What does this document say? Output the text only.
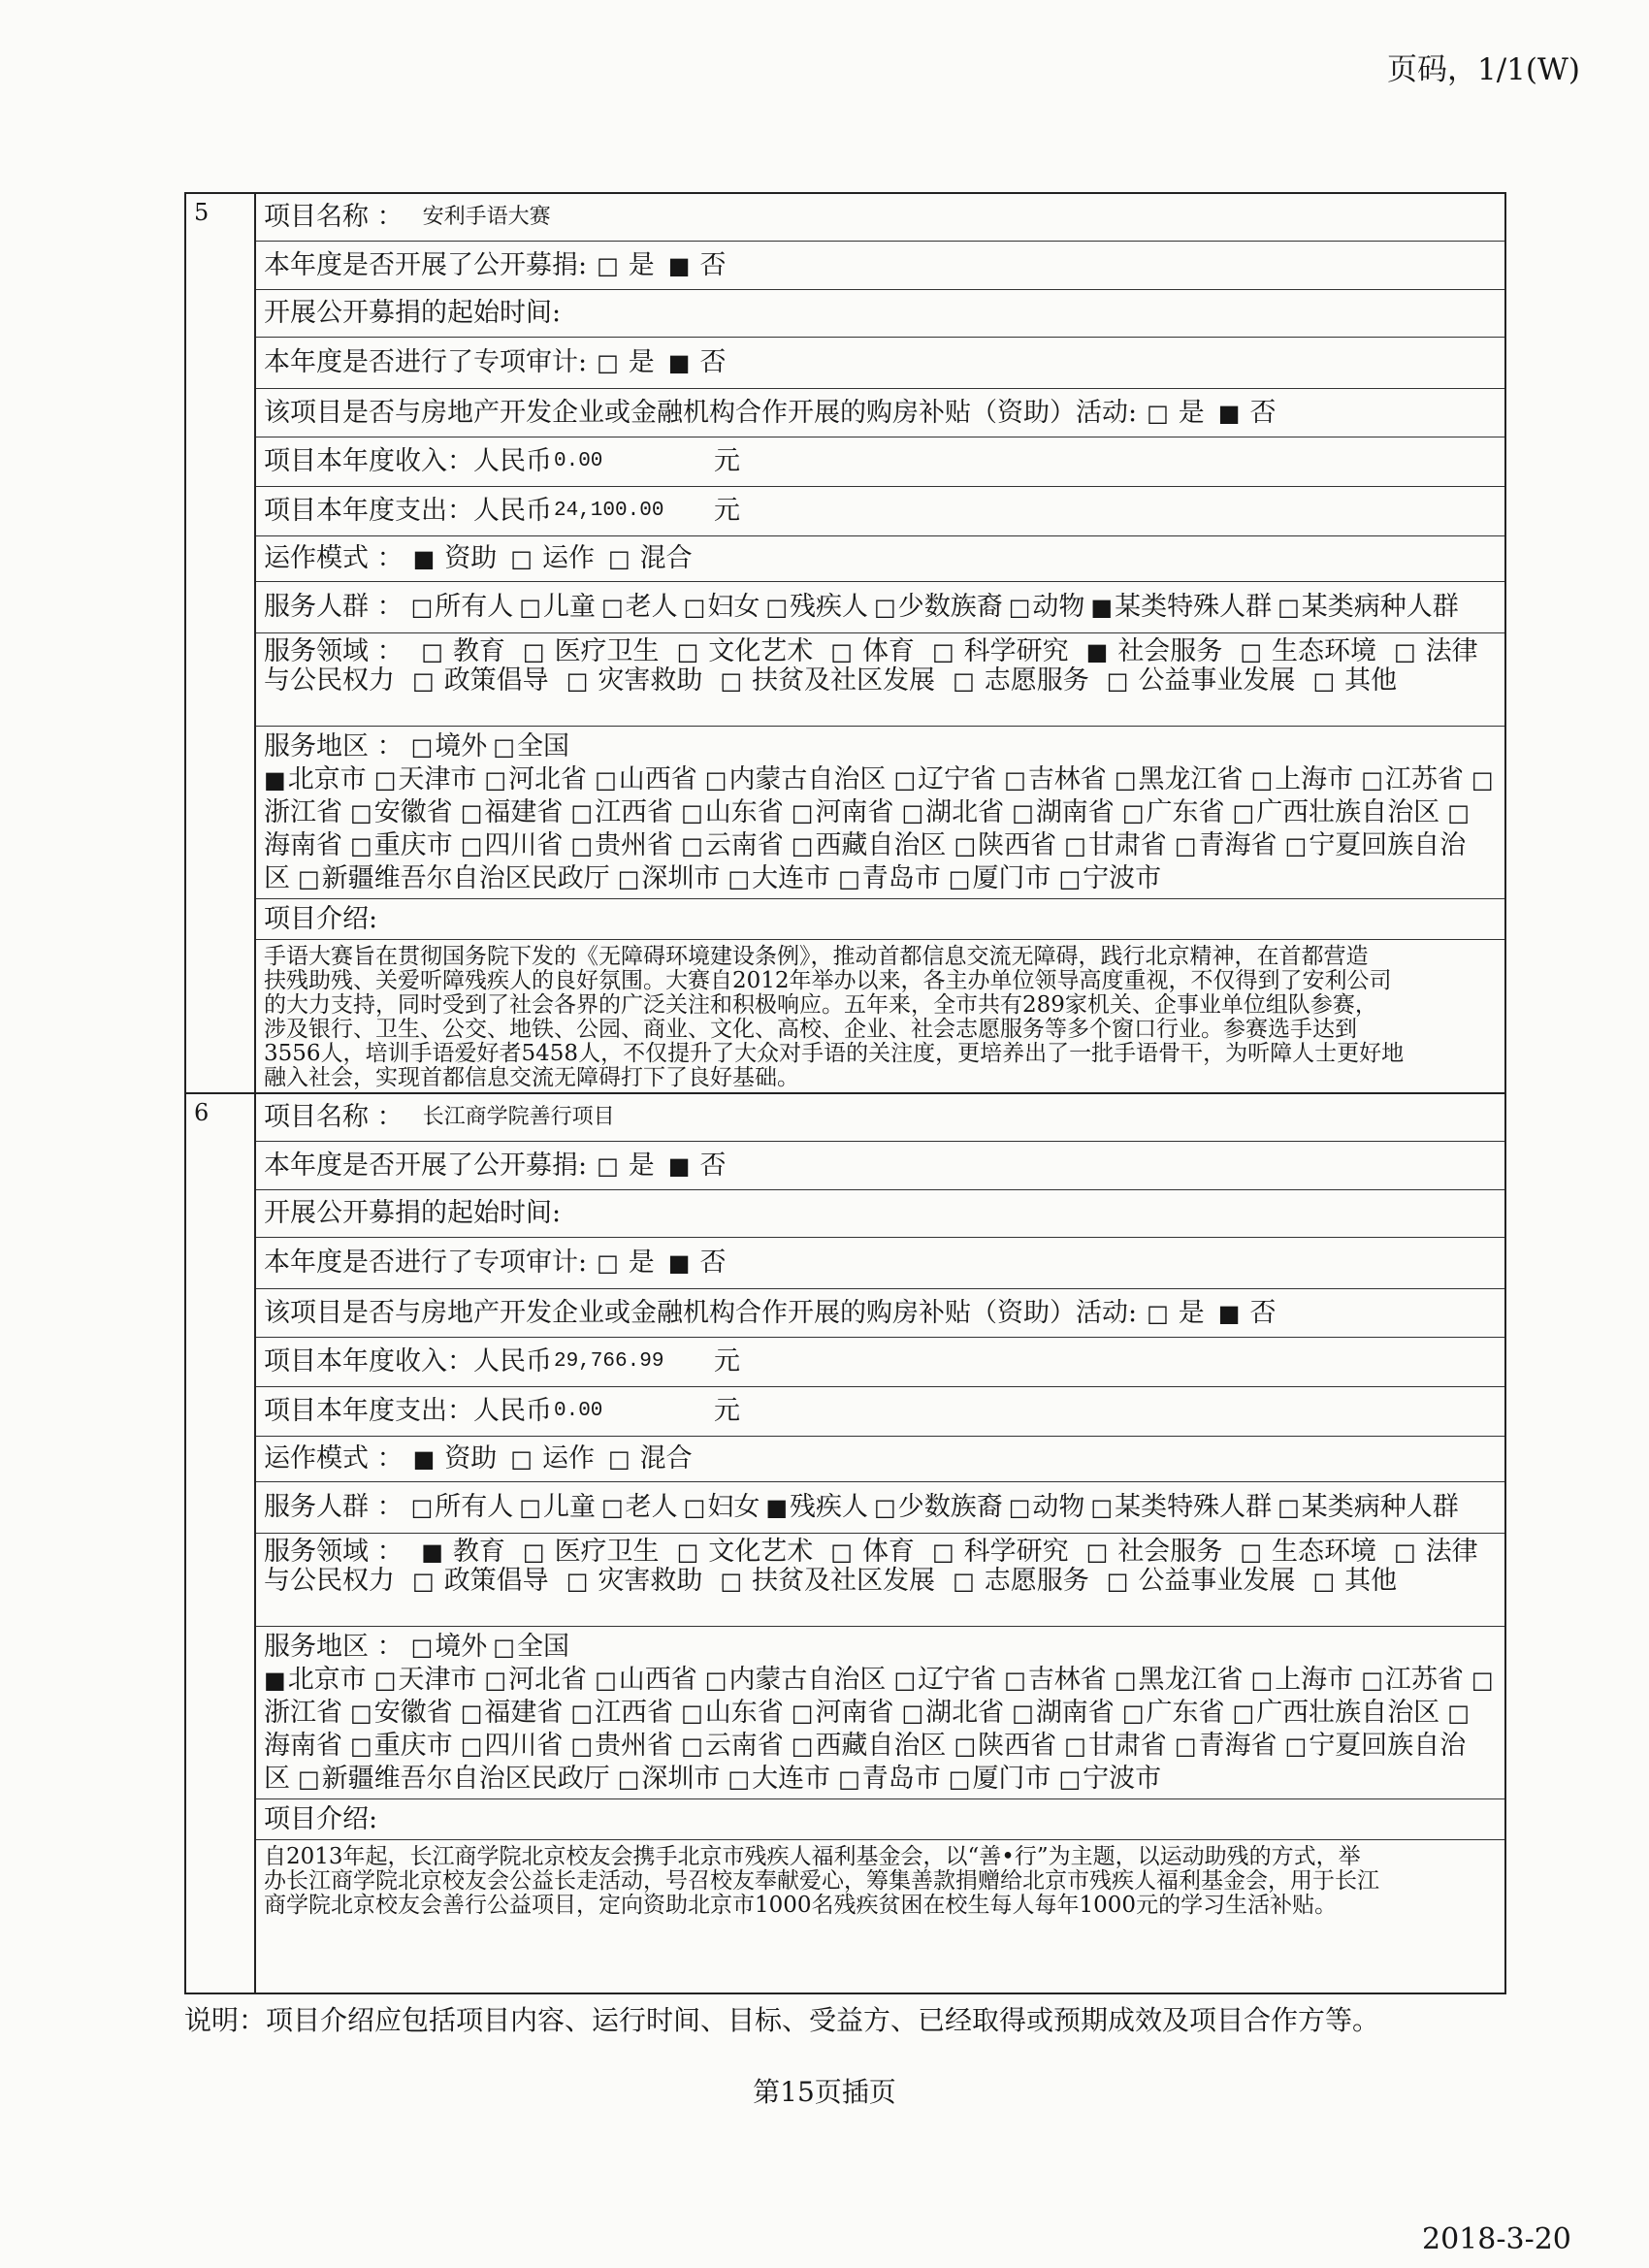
页码，1/1(W)
5	项目名称 ： 安利手语大赛
本年度是否开展了公开募捐: □ 是 ■ 否
开展公开募捐的起始时间:
本年度是否进行了专项审计: □ 是 ■ 否
该项目是否与房地产开发企业或金融机构合作开展的购房补贴（资助）活动: □ 是 ■ 否
项目本年度收入：人民币 0.00	元
项目本年度支出：人民币 24,100.00	元
运作模式 ： ■ 资助 □ 运作 □ 混合
服务人群 ： □所有人 □儿童 □老人 □妇女 □残疾人 □少数族裔 □动物 ■某类特殊人群 □某类病种人群
服务领域 ： □ 教育 □ 医疗卫生 □ 文化艺术 □ 体育 □ 科学研究 ■ 社会服务 □ 生态环境 □ 法律与公民权力 □ 政策倡导 □ 灾害救助 □ 扶贫及社区发展 □ 志愿服务 □ 公益事业发展 □ 其他
服务地区 ： □境外 □全国
■北京市 □天津市 □河北省 □山西省 □内蒙古自治区 □辽宁省 □吉林省 □黑龙江省 □上海市 □江苏省 □浙江省 □安徽省 □福建省 □江西省 □山东省 □河南省 □湖北省 □湖南省 □广东省 □广西壮族自治区 □海南省 □重庆市 □四川省 □贵州省 □云南省 □西藏自治区 □陕西省 □甘肃省 □青海省 □宁夏回族自治区 □新疆维吾尔自治区民政厅 □深圳市 □大连市 □青岛市 □厦门市 □宁波市
项目介绍:
手语大赛旨在贯彻国务院下发的《无障碍环境建设条例》，推动首都信息交流无障碍，践行北京精神，在首都营造
扶残助残、关爱听障残疾人的良好氛围。大赛自2012年举办以来，各主办单位领导高度重视，不仅得到了安利公司
的大力支持，同时受到了社会各界的广泛关注和积极响应。五年来，全市共有289家机关、企事业单位组队参赛，
涉及银行、卫生、公交、地铁、公园、商业、文化、高校、企业、社会志愿服务等多个窗口行业。参赛选手达到
3556人，培训手语爱好者5458人，不仅提升了大众对手语的关注度，更培养出了一批手语骨干，为听障人士更好地
融入社会，实现首都信息交流无障碍打下了良好基础。
6	项目名称 ： 长江商学院善行项目
本年度是否开展了公开募捐: □ 是 ■ 否
开展公开募捐的起始时间:
本年度是否进行了专项审计: □ 是 ■ 否
该项目是否与房地产开发企业或金融机构合作开展的购房补贴（资助）活动: □ 是 ■ 否
项目本年度收入：人民币 29,766.99	元
项目本年度支出：人民币 0.00	元
运作模式 ： ■ 资助 □ 运作 □ 混合
服务人群 ： □所有人 □儿童 □老人 □妇女 ■残疾人 □少数族裔 □动物 □某类特殊人群 □某类病种人群
服务领域 ： ■ 教育 □ 医疗卫生 □ 文化艺术 □ 体育 □ 科学研究 □ 社会服务 □ 生态环境 □ 法律与公民权力 □ 政策倡导 □ 灾害救助 □ 扶贫及社区发展 □ 志愿服务 □ 公益事业发展 □ 其他
服务地区 ： □境外 □全国
■北京市 □天津市 □河北省 □山西省 □内蒙古自治区 □辽宁省 □吉林省 □黑龙江省 □上海市 □江苏省 □浙江省 □安徽省 □福建省 □江西省 □山东省 □河南省 □湖北省 □湖南省 □广东省 □广西壮族自治区 □海南省 □重庆市 □四川省 □贵州省 □云南省 □西藏自治区 □陕西省 □甘肃省 □青海省 □宁夏回族自治区 □新疆维吾尔自治区民政厅 □深圳市 □大连市 □青岛市 □厦门市 □宁波市
项目介绍:
自2013年起，长江商学院北京校友会携手北京市残疾人福利基金会，以“善•行”为主题，以运动助残的方式，举
办长江商学院北京校友会公益长走活动，号召校友奉献爱心，筹集善款捐赠给北京市残疾人福利基金会，用于长江
商学院北京校友会善行公益项目，定向资助北京市1000名残疾贫困在校生每人每年1000元的学习生活补贴。
说明：项目介绍应包括项目内容、运行时间、目标、受益方、已经取得或预期成效及项目合作方等。
第15页插页
2018-3-20
